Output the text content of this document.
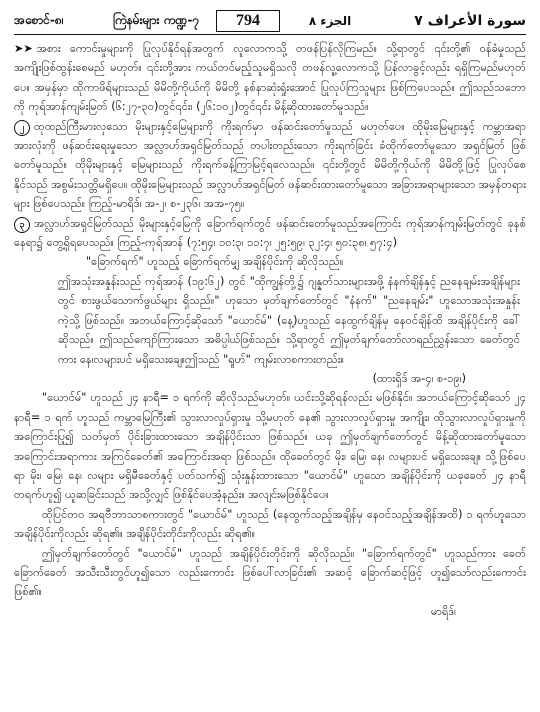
အစောင်-၈၊	ကြဲနမ်းများ ကဏ္ဍ-၇	794	الجزء ٨	سورة الأعراف ٧

➤➤ အစား ကောင်းမှုများကို ပြုလုပ်နိုင်ရန်အတွက် လူလောကသို့ တဖန်ပြန်လိုကြမည်။ သို့ရာတွင် ၎င်းတို့၏ ဝန်ခံမှုသည် အကျိုးဖြစ်ထွန်းစေမည် မဟုတ်။ ၎င်းတို့အား ကယ်တင်မည့်သူမရှိသလို တဖန်လူ့လောကသို့ ပြန်လာခွင့်လည်း ရရှိကြမည်မဟုတ်ပေ။ အမှန်မှာ ထိုကာဖိရ်များသည် မိမိတို့ကိုယ်ကို မိမိတို့ နစ်နာဆုံးရှုံးအောင် ပြုလုပ်ကြသူများ ဖြစ်ကြပေသည်။ ဤသည်သဘောကို ကုရ်အာန်ကျမ်းမြတ် (၆:၂၇-၃၀)တွင်၎င်း၊ (၂၆:၁၀၂)တွင်၎င်း မိန့်ဆိုထားတော်မူသည်။

၂ ထုထည်ကြီးမားလှသော မိုးများနှင့်မြေများကို ကိုးရက်မှာ ဖန်ဆင်းတော်မူသည် မဟုတ်ပေ။ ထိုမိုးမြေများနှင့် ကမ္ဘာအရာအားလုံးကို ဖန်ဆင်းရေးမှုသော အလ္လာဟ်အရှင်မြတ်သည် တပါးတည်းသော ကိုးရက်ခြင်း ခံထိုက်တော်မူသော အရှင်မြတ် ဖြစ်တော်မူသည်။ ထိုမိုးများနှင့် မြေများသည် ကိုးရက်ခန့်ကြာမြင့်ရလေသည်။ ၎င်းတို့တွင် မိမိတို့ကိုယ်ကို မိမိတို့ဖြင့် ပြုလုပ်စေနိုင်သည် အစွမ်းသတ္တိမရှိပေ။ ထိုမိုးမြေများသည် အလ္လာဟ်အရှင်မြတ် ဖန်ဆင်းထားတော်မူသော အခြားအရာများသော အမှန်တရားများ ဖြစ်ပေသည်။ ကြည့်-မာရိဒ်၊ အ-၂၊ စ-၂၃၆၊ အအ-၇၅။

၃ အလ္လာဟ်အရှင်မြတ်သည် မိုးများနှင့်မြေကို ခြောက်ရက်တွင် ဖန်ဆင်းတော်မူသည်အကြောင်း ကုရ်အာန်ကျမ်းမြတ်တွင် ခုနစ်နေရာ၌ တွေ့ရှိရပေသည်။ ကြည့်-ကုရ်အာန် (၇:၅၄၊ ၁၀:၃၊ ၁၁:၇၊ ၂၅:၅၉၊ ၃၂:၄၊ ၅၀:၃၈၊ ၅၇:၄)

"ခြောက်ရက်" ဟူသည့် ခြောက်ရက်မျှ အချိန်ပိုင်းကို ဆိုလိုသည်။

ဤအသုံးအနှုန်းသည် ကုရ်အာန် (၁၉:၆၂) တွင် "ထိုကျွန်တို့၌ ဂျန္နတ်သားများအဖို့ နံနက်ချိန်နှင့် ညနေချမ်းအချိန်များတွင် စားဖွယ်သောက်ဖွယ်များ ရှိသည်။" ဟုသော မှတ်ချက်တော်တွင် "နံနက်" "ညနေချမ်း" ဟူသောအသုံးအနှုန်းကဲ့သို့ ဖြစ်သည်။ အဘယ်ကြောင့်ဆိုသော် "ယောင်မ်" (နေ့)ဟူသည် နေထွက်ချိန်မှ နေဝင်ချိန်ထိ အချိန်ပိုင်းကို ခေါ်ဆိုသည်။ ဤသည်ကျော်ကြားသော အဓိပ္ပါယ်ဖြစ်သည်။ သို့ရာတွင် ဤမှတ်ချက်တော်လာရည်ညွှန်းသော ခေတ်တွင်ကား နေ၊လများပင် မရှိသေးချေ။ဤသည် "ရူဟ်" ကျမ်းလာစကားတည်း။

(ထားရှိဒ် အ-၄၊ စ-၁၉၊)

"ယောင်မ်" ဟူသည် ၂၄ နာရီ= ၁ ရက်ကို ဆိုလိုသည်မဟုတ်။ ယင်းသို့ဆိုရန်လည်း မဖြစ်နိုင်။ အဘယ်ကြောင့်ဆိုသော် ၂၄ နာရီ= ၁ ရက် ဟူသည် ကမ္ဘာမြေကြီး၏ သွားလာလှုပ်ရှားမှု သို့မဟုတ် နေ၏ သွားလာလှုပ်ရှားမှု အကျိုး၊ ထိုသွားလာလှုပ်ရှားမှုကို အကြောင်းပြု၍ သတ်မှတ် ပိုင်းခြားထားသော အချိန်ပိုင်းသာ ဖြစ်သည်။ ယခု ဤမှတ်ချက်တော်တွင် မိန့်ဆိုထားတော်မူသော အကြောင်းအရာကား အကြင်ခေတ်၏ အကြောင်းအရာ ဖြစ်သည်။ ထိုခေတ်တွင် မိုး၊ မြေ၊ နေ၊ လများပင် မရှိသေးချေ။ သို့ဖြစ်ပေရာ မိုး၊ မြေ၊ နေ၊ လများ မရှိမီခေတ်နှင့် ပတ်သက်၍ သုံးနှုန်းထားသော "ယောင်မ်" ဟူသော အချိန်ပိုင်းကို ယခုခေတ် ၂၄ နာရီ တရက်ဟူ၍ ယူဆခြင်းသည် အသို့လျှင် ဖြစ်နိုင်ပေအံ့နည်း။ အလျင်းမဖြစ်နိုင်ပေ။

ထိုပြင်တဝ အရဗီဘာသာစကားတွင် "ယောင်မ်" ဟူသည် (နေထွက်သည့်အချိန်မှ နေဝင်သည့်အချိန်အထိ) ၁ ရက်ဟူသော အချိန်ပိုင်းကိုလည်း ဆိုရ၏။ အချိန်ပိုင်းတိုင်းကိုလည်း ဆိုရ၏။

ဤမှတ်ချက်တော်တွင် "ယောင်မ်" ဟူသည် အချိန်ပိုင်းတိုင်းကို ဆိုလိုသည်။ "ခြောက်ရက်တွင်" ဟူသည်ကား ခေတ်ခြောက်ခေတ် အသီးသီးတွင်ဟူ၍သော လည်းကောင်း ဖြစ်ပေါ်လာခြင်း၏ အဆင့် ခြောက်ဆင့်ဖြင့် ဟူ၍သော်လည်းကောင်း ဖြစ်၏။

မာရိဒ်၊
